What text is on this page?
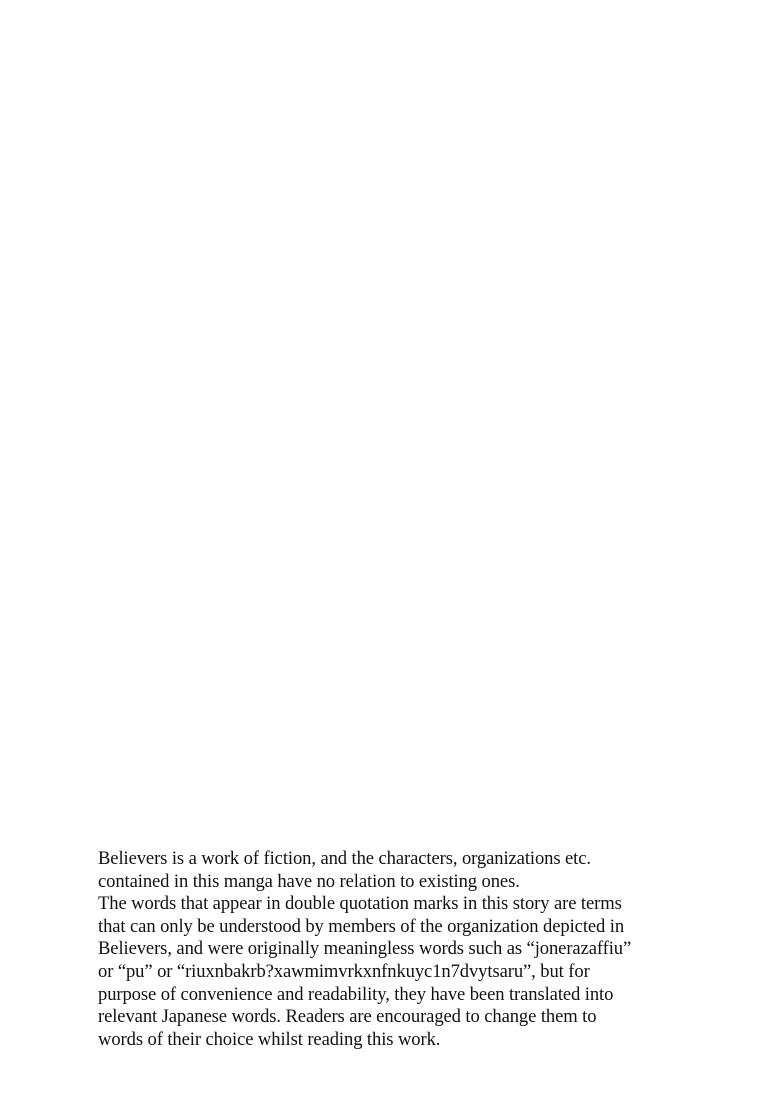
Believers is a work of fiction, and the characters, organizations etc.
contained in this manga have no relation to existing ones.
The words that appear in double quotation marks in this story are terms
that can only be understood by members of the organization depicted in
Believers, and were originally meaningless words such as “jonerazaffiu”
or “pu” or “riuxnbakrb?xawmimvrkxnfnkuyc1n7dvytsaru”, but for
purpose of convenience and readability, they have been translated into
relevant Japanese words. Readers are encouraged to change them to
words of their choice whilst reading this work.
